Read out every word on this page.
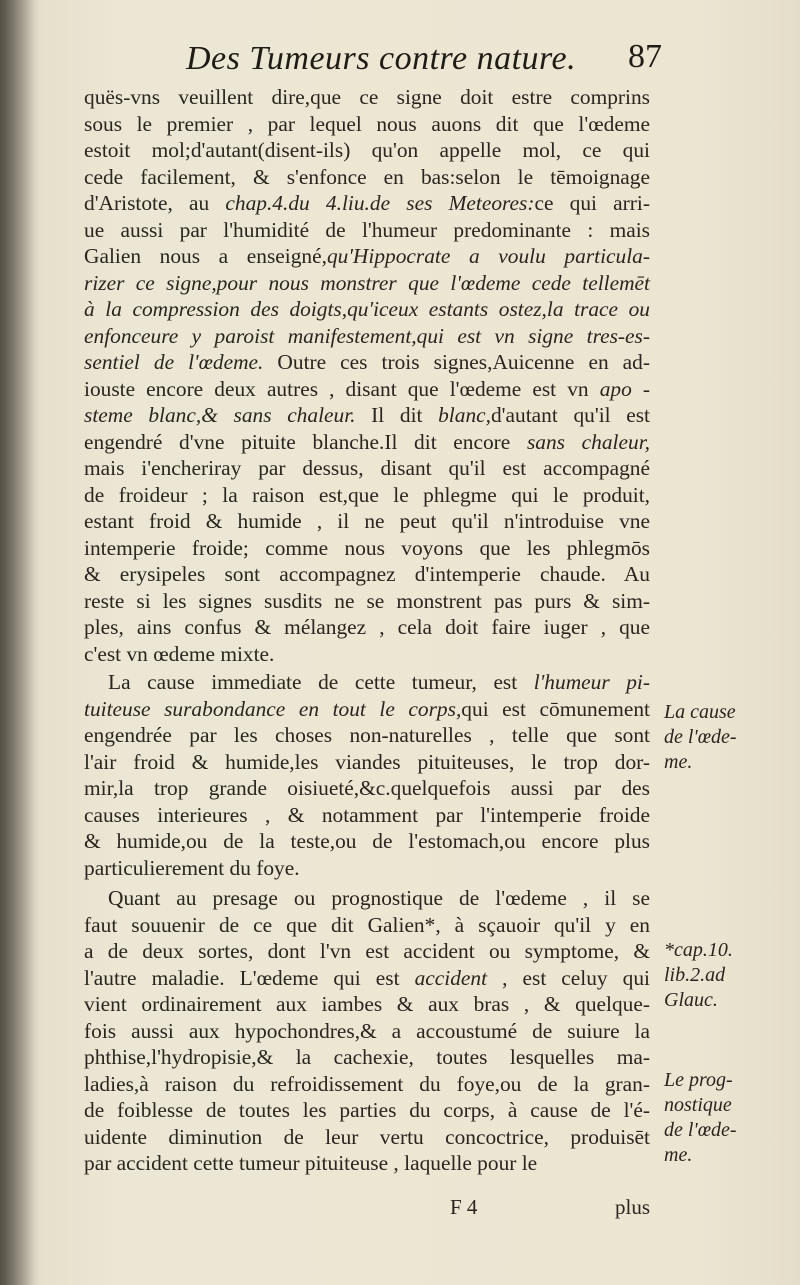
Des Tumeurs contre nature. 87
quës-vns veuillent dire,que ce signe doit estre comprins
sous le premier , par lequel nous auons dit que l'œdeme
estoit mol;d'autant(disent-ils) qu'on appelle mol, ce qui
cede facilement, & s'enfonce en bas:selon le tēmoignage
d'Aristote, au chap.4.du 4.liu.de ses Meteores:ce qui arri-
ue aussi par l'humidité de l'humeur predominante : mais
Galien nous a enseigné,qu'Hippocrate a voulu particula-
rizer ce signe,pour nous monstrer que l'œdeme cede tellemēt
à la compression des doigts,qu'iceux estants ostez,la trace ou
enfonceure y paroist manifestement,qui est vn signe tres-es-
sentiel de l'œdeme. Outre ces trois signes,Auicenne en ad-
iouste encore deux autres , disant que l'œdeme est vn apo -
steme blanc,& sans chaleur. Il dit blanc,d'autant qu'il est
engendré d'vne pituite blanche.Il dit encore sans chaleur,
mais i'encheriray par dessus, disant qu'il est accompagné
de froideur ; la raison est,que le phlegme qui le produit,
estant froid & humide , il ne peut qu'il n'introduise vne
intemperie froide; comme nous voyons que les phlegmōs
& erysipeles sont accompagnez d'intemperie chaude. Au
reste si les signes susdits ne se monstrent pas purs & sim-
ples, ains confus & mélangez , cela doit faire iuger , que
c'est vn œdeme mixte.
La cause immediate de cette tumeur, est l'humeur pi-
tuiteuse surabondance en tout le corps,qui est cōmunement
engendrée par les choses non-naturelles , telle que sont
l'air froid & humide,les viandes pituiteuses, le trop dor-
mir,la trop grande oisiueté,&c.quelquefois aussi par des
causes interieures , & notamment par l'intemperie froide
& humide,ou de la teste,ou de l'estomach,ou encore plus
particulierement du foye.
Quant au presage ou prognostique de l'œdeme , il se
faut souuenir de ce que dit Galien*, à sçauoir qu'il y en
a de deux sortes, dont l'vn est accident ou symptome, &
l'autre maladie. L'œdeme qui est accident , est celuy qui
vient ordinairement aux iambes & aux bras , & quelque-
fois aussi aux hypochondres,& a accoustumé de suiure la
phthise,l'hydropisie,& la cachexie, toutes lesquelles ma-
ladies,à raison du refroidissement du foye,ou de la gran-
de foiblesse de toutes les parties du corps, à cause de l'é-
uidente diminution de leur vertu concoctrice, produisēt
par accident cette tumeur pituiteuse , laquelle pour le
La cause
de l'œde-
me.
*cap.10.
lib.2.ad
Glauc.
Le prog-
nostique
de l'œde-
me.
F 4	plus
